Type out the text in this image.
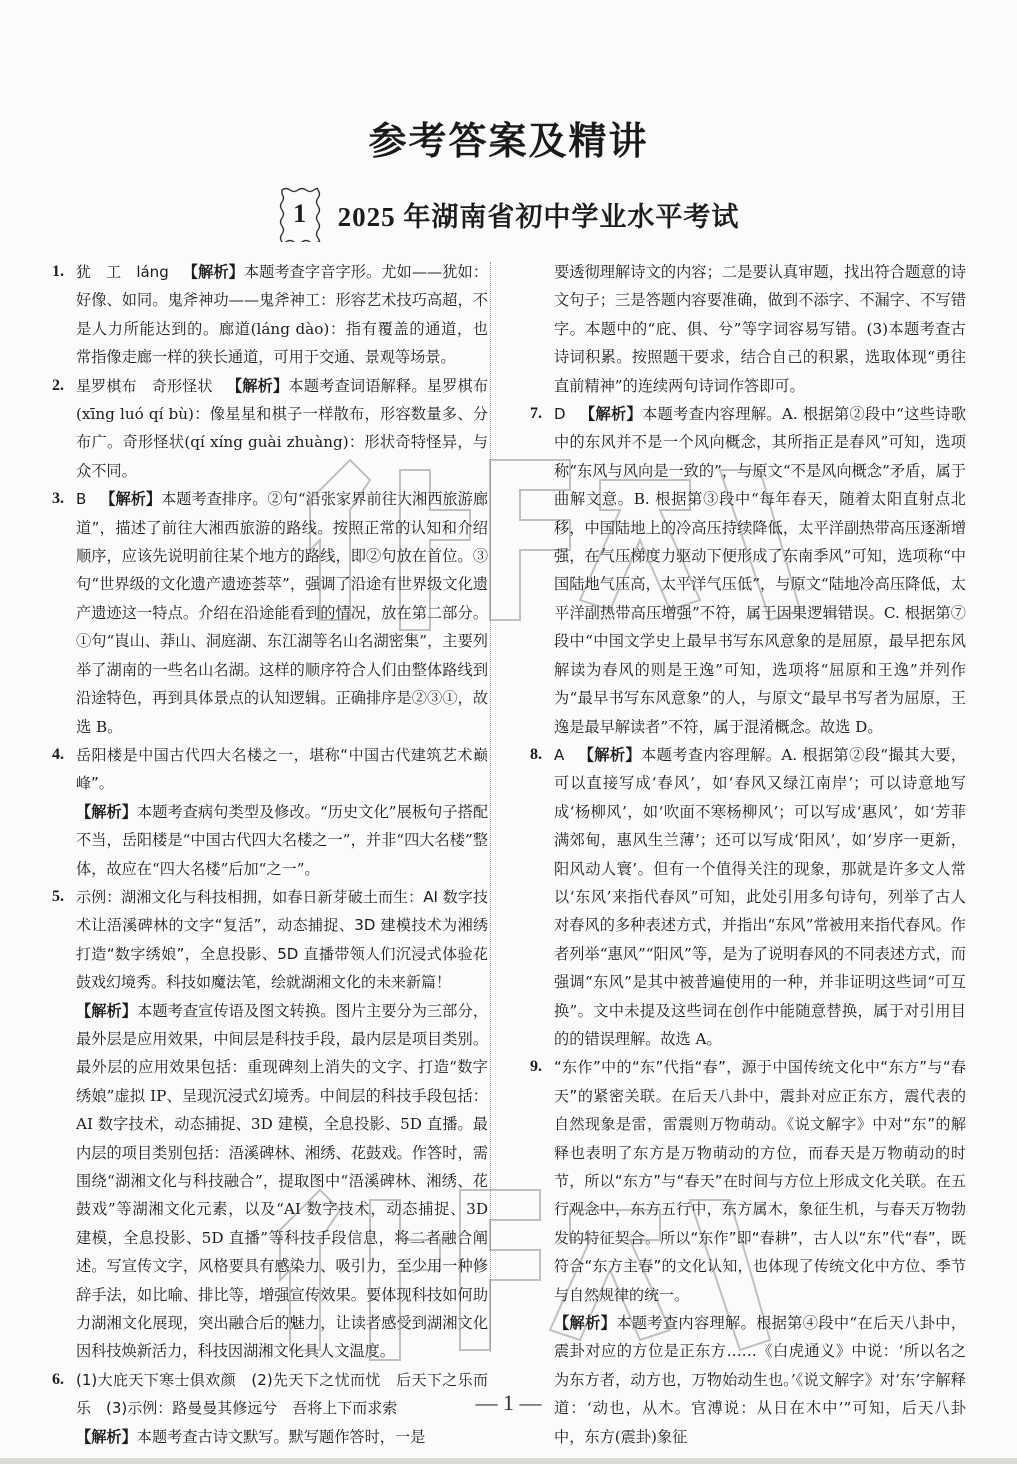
参考答案及精讲
1 2025 年湖南省初中学业水平考试
1. 犹　工　láng 【解析】本题考查字音字形。尤如——犹如：好像、如同。鬼斧神功——鬼斧神工：形容艺术技巧高超，不是人力所能达到的。廊道(láng dào)：指有覆盖的通道，也常指像走廊一样的狭长通道，可用于交通、景观等场景。
2. 星罗棋布　奇形怪状 【解析】本题考查词语解释。星罗棋布(xīng luó qí bù)：像星星和棋子一样散布，形容数量多、分布广。奇形怪状(qí xíng guài zhuàng)：形状奇特怪异，与众不同。
3. B 【解析】本题考查排序。②句“沿张家界前往大湘西旅游廊道”，描述了前往大湘西旅游的路线。按照正常的认知和介绍顺序，应该先说明前往某个地方的路线，即②句放在首位。③句“世界级的文化遗产遗迹荟萃”，强调了沿途有世界级文化遗产遗迹这一特点。介绍在沿途能看到的情况，放在第二部分。①句“崀山、莽山、洞庭湖、东江湖等名山名湖密集”，主要列举了湖南的一些名山名湖。这样的顺序符合人们由整体路线到沿途特色，再到具体景点的认知逻辑。正确排序是②③①，故选 B。
4. 岳阳楼是中国古代四大名楼之一，堪称“中国古代建筑艺术巅峰”。
【解析】本题考查病句类型及修改。“历史文化”展板句子搭配不当，岳阳楼是“中国古代四大名楼之一”，并非“四大名楼”整体，故应在“四大名楼”后加“之一”。
5. 示例：湖湘文化与科技相拥，如春日新芽破土而生：AI 数字技术让浯溪碑林的文字“复活”，动态捕捉、3D 建模技术为湘绣打造“数字绣娘”，全息投影、5D 直播带领人们沉浸式体验花鼓戏幻境秀。科技如魔法笔，绘就湖湘文化的未来新篇！
【解析】本题考查宣传语及图文转换。图片主要分为三部分，最外层是应用效果，中间层是科技手段，最内层是项目类别。最外层的应用效果包括：重现碑刻上消失的文字、打造“数字绣娘”虚拟 IP、呈现沉浸式幻境秀。中间层的科技手段包括：AI 数字技术，动态捕捉、3D 建模，全息投影、5D 直播。最内层的项目类别包括：浯溪碑林、湘绣、花鼓戏。作答时，需围绕“湖湘文化与科技融合”，提取图中“浯溪碑林、湘绣、花鼓戏”等湖湘文化元素，以及“AI 数字技术，动态捕捉、3D 建模，全息投影、5D 直播”等科技手段信息，将二者融合阐述。写宣传文字，风格要具有感染力、吸引力，至少用一种修辞手法，如比喻、排比等，增强宣传效果。要体现科技如何助力湖湘文化展现，突出融合后的魅力，让读者感受到湖湘文化因科技焕新活力，科技因湖湘文化具人文温度。
6. (1)大庇天下寒士俱欢颜　(2)先天下之忧而忧　后天下之乐而乐　(3)示例：路曼曼其修远兮　吾将上下而求索
【解析】本题考查古诗文默写。默写题作答时，一是
要透彻理解诗文的内容；二是要认真审题，找出符合题意的诗文句子；三是答题内容要准确，做到不添字、不漏字、不写错字。本题中的“庇、俱、兮”等字词容易写错。(3)本题考查古诗词积累。按照题干要求，结合自己的积累，选取体现“勇往直前精神”的连续两句诗词作答即可。
7. D 【解析】本题考查内容理解。A. 根据第②段中“这些诗歌中的东风并不是一个风向概念，其所指正是春风”可知，选项称“东风与风向是一致的”，与原文“不是风向概念”矛盾，属于曲解文意。B. 根据第③段中“每年春天，随着太阳直射点北移，中国陆地上的冷高压持续降低，太平洋副热带高压逐渐增强，在气压梯度力驱动下便形成了东南季风”可知，选项称“中国陆地气压高，太平洋气压低”，与原文“陆地冷高压降低，太平洋副热带高压增强”不符，属于因果逻辑错误。C. 根据第⑦段中“中国文学史上最早书写东风意象的是屈原，最早把东风解读为春风的则是王逸”可知，选项将“屈原和王逸”并列作为“最早书写东风意象”的人，与原文“最早书写者为屈原，王逸是最早解读者”不符，属于混淆概念。故选 D。
8. A 【解析】本题考查内容理解。A. 根据第②段“撮其大要，可以直接写成‘春风’，如‘春风又绿江南岸’；可以诗意地写成‘杨柳风’，如‘吹面不寒杨柳风’；可以写成‘惠风’，如‘芳菲满郊甸，惠风生兰薄’；还可以写成‘阳风’，如‘岁序一更新，阳风动人寰’。但有一个值得关注的现象，那就是许多文人常以‘东风’来指代春风”可知，此处引用多句诗句，列举了古人对春风的多种表述方式，并指出“东风”常被用来指代春风。作者列举“惠风”“阳风”等，是为了说明春风的不同表述方式，而强调“东风”是其中被普遍使用的一种，并非证明这些词“可互换”。文中未提及这些词在创作中能随意替换，属于对引用目的的错误理解。故选 A。
9. “东作”中的“东”代指“春”，源于中国传统文化中“东方”与“春天”的紧密关联。在后天八卦中，震卦对应正东方，震代表的自然现象是雷，雷震则万物萌动。《说文解字》中对“东”的解释也表明了东方是万物萌动的方位，而春天是万物萌动的时节，所以“东方”与“春天”在时间与方位上形成文化关联。在五行观念中，东方五行中，东方属木，象征生机，与春天万物勃发的特征契合。所以“东作”即“春耕”，古人以“东”代“春”，既符合“东方主春”的文化认知，也体现了传统文化中方位、季节与自然规律的统一。
【解析】本题考查内容理解。根据第④段中“在后天八卦中，震卦对应的方位是正东方……《白虎通义》中说：‘所以名之为东方者，动方也，万物始动生也。’《说文解字》对‘东’字解释道：‘动也，从木。官溥说：从日在木中’”可知，后天八卦中，东方(震卦)象征
— 1 —
